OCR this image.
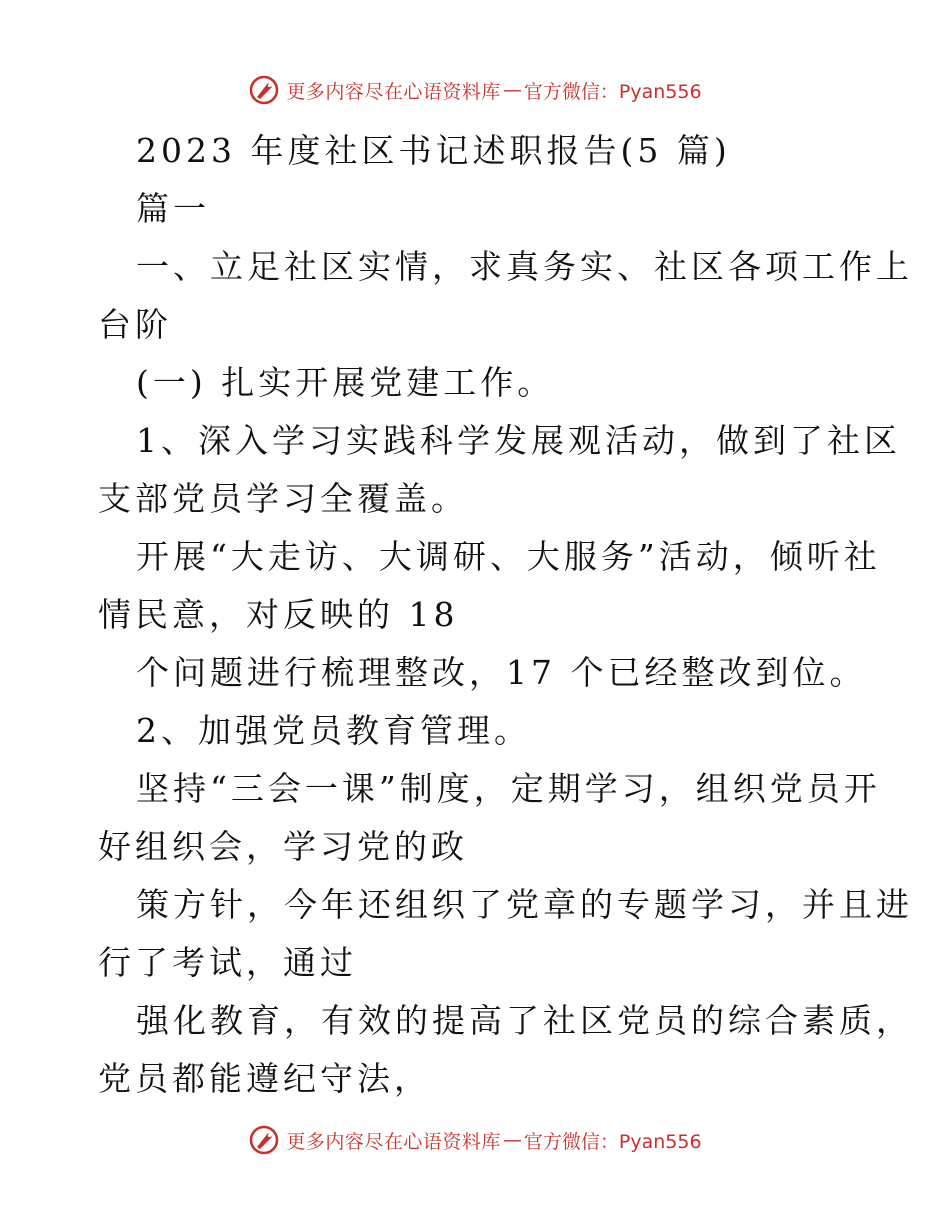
更多内容尽在心语资料库 — 官方微信：Pyan556
2023 年度社区书记述职报告(5 篇)
篇一
一、立足社区实情，求真务实、社区各项工作上
台阶
(一) 扎实开展党建工作。
1、深入学习实践科学发展观活动，做到了社区
支部党员学习全覆盖。
开展“大走访、大调研、大服务”活动，倾听社
情民意，对反映的 18
个问题进行梳理整改，17 个已经整改到位。
2、加强党员教育管理。
坚持“三会一课”制度，定期学习，组织党员开
好组织会，学习党的政
策方针，今年还组织了党章的专题学习，并且进
行了考试，通过
强化教育，有效的提高了社区党员的综合素质，
党员都能遵纪守法，
更多内容尽在心语资料库 — 官方微信：Pyan556
